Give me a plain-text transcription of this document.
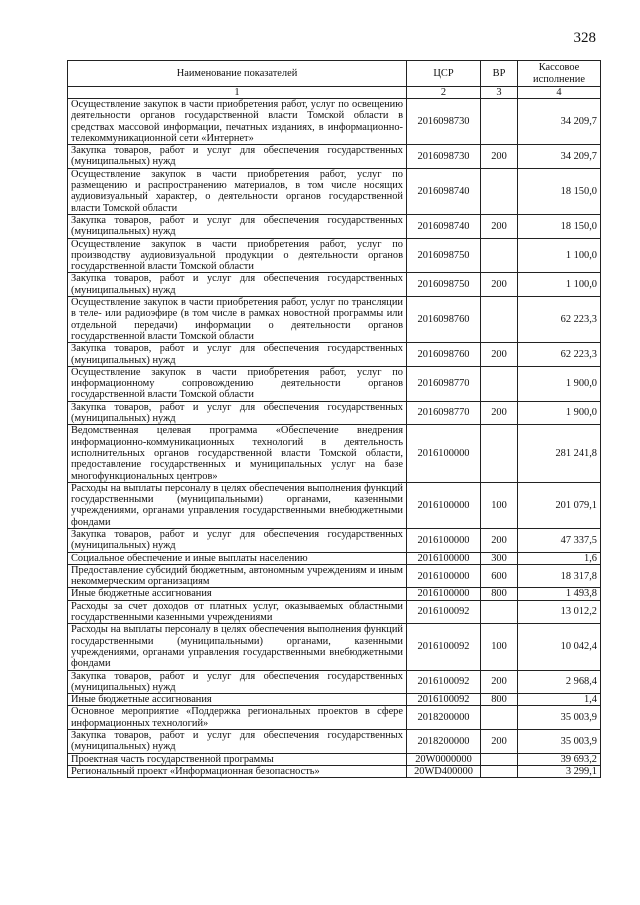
328
Наименование показателей	ЦСР	ВР	Кассовое исполнение
1	2	3	4
Осуществление закупок в части приобретения работ, услуг по освещению деятельности органов государственной власти Томской области в средствах массовой информации, печатных изданиях, в информационно-телекоммуникационной сети «Интернет»	2016098730		34 209,7
Закупка товаров, работ и услуг для обеспечения государственных (муниципальных) нужд	2016098730	200	34 209,7
Осуществление закупок в части приобретения работ, услуг по размещению и распространению материалов, в том числе носящих аудиовизуальный характер, о деятельности органов государственной власти Томской области	2016098740		18 150,0
Закупка товаров, работ и услуг для обеспечения государственных (муниципальных) нужд	2016098740	200	18 150,0
Осуществление закупок в части приобретения работ, услуг по производству аудиовизуальной продукции о деятельности органов государственной власти Томской области	2016098750		1 100,0
Закупка товаров, работ и услуг для обеспечения государственных (муниципальных) нужд	2016098750	200	1 100,0
Осуществление закупок в части приобретения работ, услуг по трансляции в теле- или радиоэфире (в том числе в рамках новостной программы или отдельной передачи) информации о деятельности органов государственной власти Томской области	2016098760		62 223,3
Закупка товаров, работ и услуг для обеспечения государственных (муниципальных) нужд	2016098760	200	62 223,3
Осуществление закупок в части приобретения работ, услуг по информационному сопровождению деятельности органов государственной власти Томской области	2016098770		1 900,0
Закупка товаров, работ и услуг для обеспечения государственных (муниципальных) нужд	2016098770	200	1 900,0
Ведомственная целевая программа «Обеспечение внедрения информационно-коммуникационных технологий в деятельность исполнительных органов государственной власти Томской области, предоставление государственных и муниципальных услуг на базе многофункциональных центров»	2016100000		281 241,8
Расходы на выплаты персоналу в целях обеспечения выполнения функций государственными (муниципальными) органами, казенными учреждениями, органами управления государственными внебюджетными фондами	2016100000	100	201 079,1
Закупка товаров, работ и услуг для обеспечения государственных (муниципальных) нужд	2016100000	200	47 337,5
Социальное обеспечение и иные выплаты населению	2016100000	300	1,6
Предоставление субсидий бюджетным, автономным учреждениям и иным некоммерческим организациям	2016100000	600	18 317,8
Иные бюджетные ассигнования	2016100000	800	1 493,8
Расходы за счет доходов от платных услуг, оказываемых областными государственными казенными учреждениями	2016100092		13 012,2
Расходы на выплаты персоналу в целях обеспечения выполнения функций государственными (муниципальными) органами, казенными учреждениями, органами управления государственными внебюджетными фондами	2016100092	100	10 042,4
Закупка товаров, работ и услуг для обеспечения государственных (муниципальных) нужд	2016100092	200	2 968,4
Иные бюджетные ассигнования	2016100092	800	1,4
Основное мероприятие «Поддержка региональных проектов в сфере информационных технологий»	2018200000		35 003,9
Закупка товаров, работ и услуг для обеспечения государственных (муниципальных) нужд	2018200000	200	35 003,9
Проектная часть государственной программы	20W0000000		39 693,2
Региональный проект «Информационная безопасность»	20WD400000		3 299,1
